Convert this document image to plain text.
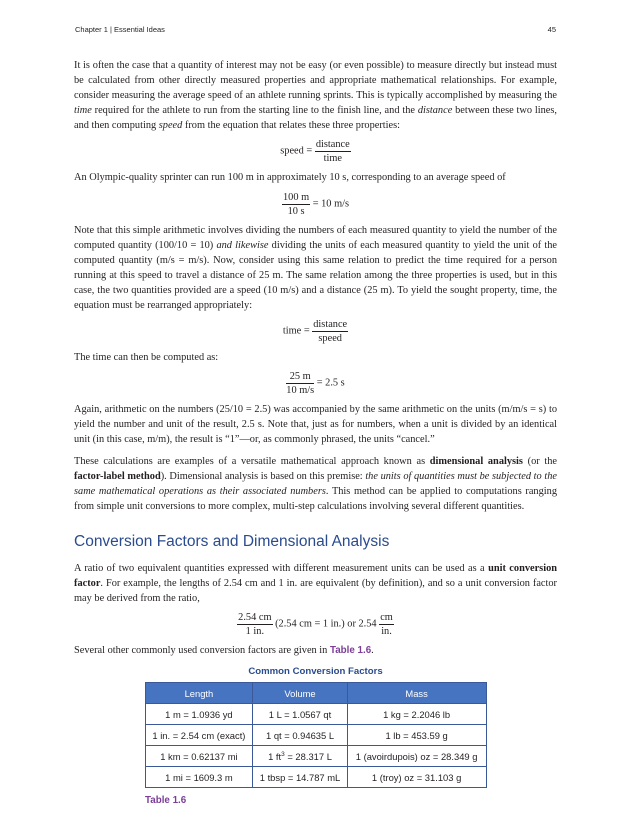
Chapter 1 | Essential Ideas	45

It is often the case that a quantity of interest may not be easy (or even possible) to measure directly but instead must be calculated from other directly measured properties and appropriate mathematical relationships. For example, consider measuring the average speed of an athlete running sprints. This is typically accomplished by measuring the time required for the athlete to run from the starting line to the finish line, and the distance between these two lines, and then computing speed from the equation that relates these three properties:

speed = $\frac{\text{distance}}{\text{time}}$

An Olympic-quality sprinter can run 100 m in approximately 10 s, corresponding to an average speed of

$\frac{100 m}{10 s} = 10$ m/s

Note that this simple arithmetic involves dividing the numbers of each measured quantity to yield the number of the computed quantity (100/10 = 10) and likewise dividing the units of each measured quantity to yield the unit of the computed quantity (m/s = m/s). Now, consider using this same relation to predict the time required for a person running at this speed to travel a distance of 25 m. The same relation among the three properties is used, but in this case, the two quantities provided are a speed (10 m/s) and a distance (25 m). To yield the sought property, time, the equation must be rearranged appropriately:

time = $\frac{\text{distance}}{\text{speed}}$

The time can then be computed as:

$\frac{25 m}{10 m/s} = 2.5$ s

Again, arithmetic on the numbers (25/10 = 2.5) was accompanied by the same arithmetic on the units (m/m/s = s) to yield the number and unit of the result, 2.5 s. Note that, just as for numbers, when a unit is divided by an identical unit (in this case, m/m), the result is “1”—or, as commonly phrased, the units “cancel.”

These calculations are examples of a versatile mathematical approach known as dimensional analysis (or the factor-label method). Dimensional analysis is based on this premise: the units of quantities must be subjected to the same mathematical operations as their associated numbers. This method can be applied to computations ranging from simple unit conversions to more complex, multi-step calculations involving several different quantities.

Conversion Factors and Dimensional Analysis

A ratio of two equivalent quantities expressed with different measurement units can be used as a unit conversion factor. For example, the lengths of 2.54 cm and 1 in. are equivalent (by definition), and so a unit conversion factor may be derived from the ratio,

$\frac{2.54 cm}{1 in.} (2.54$ cm = 1 in.) or $2.54 \frac{cm}{in.}$

Several other commonly used conversion factors are given in Table 1.6.

Common Conversion Factors
Length	Volume	Mass
1 m = 1.0936 yd	1 L = 1.0567 qt	1 kg = 2.2046 lb
1 in. = 2.54 cm (exact)	1 qt = 0.94635 L	1 lb = 453.59 g
1 km = 0.62137 mi	1 $ft^3 = 28.317$ L	1 (avoirdupois) oz = 28.349 g
1 mi = 1609.3 m	1 tbsp = 14.787 mL	1 (troy) oz = 31.103 g
Table 1.6
